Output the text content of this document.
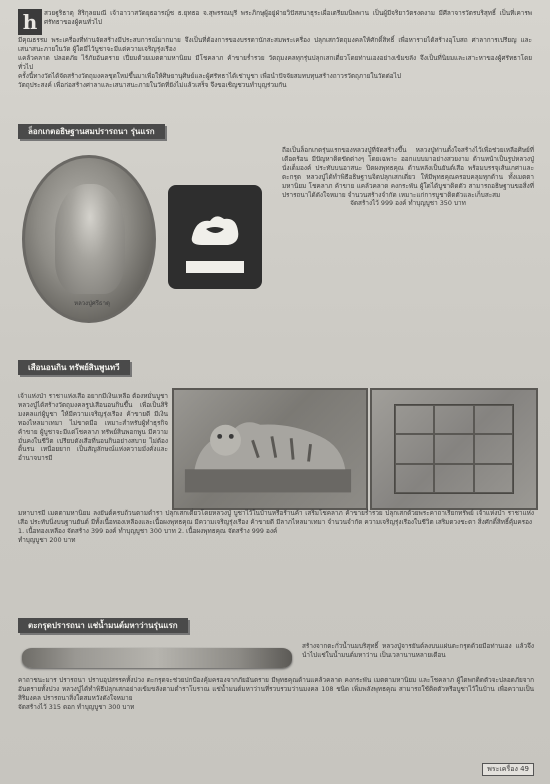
h	สวยฐูริธาตุ สิริกุลยมณี เจ้าอาวาสวัดยุธอารญ์ช ธ.ยุทธอ จ.สุพรรณบุรี พระภิกษุผู้อยู่ฝ่ายวิปัสสนาธุระเผื่อเตรียมนิพพาน เป็นผู้มีจริยาวัตรงดงาม มีศีลาจารวัตรบริสุทธิ์ เป็นที่เคารพศรัทธาของผู้คนทั่วไป

มีคุณธรรม พระเครื่องที่ท่านจัดสร้างมีประสบการณ์มากมาย จึงเป็นที่ต้องการของบรรดานักสะสมพระเครื่อง ปลุกเสกวัตถุมงคลให้ศักดิ์สิทธิ์ เพื่อหารายได้สร้างอุโบสถ ศาลาการเปรียญ และเสนาสนะภายในวัด ผู้ใดมีไว้บูชาจะมีแต่ความเจริญรุ่งเรือง

แคล้วคลาด ปลอดภัย ไร้ภัยอันตราย เปี่ยมด้วยเมตตามหานิยม มีโชคลาภ ค้าขายร่ำรวย วัตถุมงคลทุกรุ่นปลุกเสกเดี่ยวโดยท่านเองอย่างเข้มขลัง จึงเป็นที่นิยมและเสาะหาของผู้ศรัทธาโดยทั่วไป

ครั้งนี้ทางวัดได้จัดสร้างวัตถุมงคลชุดใหม่ขึ้นมาเพื่อให้ศิษยานุศิษย์และผู้ศรัทธาได้เช่าบูชา เพื่อนำปัจจัยสมทบทุนสร้างถาวรวัตถุภายในวัดต่อไป

วัตถุประสงค์ เพื่อก่อสร้างศาลาและเสนาสนะภายในวัดที่ยังไม่แล้วเสร็จ จึงขอเชิญชวนทำบุญร่วมกัน

ล็อกเกตอธิษฐานสมปรารถนา รุ่นแรก
หลวงปู่ศรีธาตุ

ถือเป็นล็อกเกตรุ่นแรกของหลวงปู่ที่จัดสร้างขึ้น หลวงปู่ท่านตั้งใจสร้างไว้เพื่อช่วยเหลือศิษย์ที่เดือดร้อน มีปัญหาติดขัดต่างๆ โดยเฉพาะ ออกแบบมาอย่างสวยงาม ด้านหน้าเป็นรูปหลวงปู่นั่งเต็มองค์ ประทับบนอาสนะ ปิดผงพุทธคุณ ด้านหลังเป็นยันต์เสือ พร้อมบรรจุเส้นเกศาและตะกรุด หลวงปู่ได้ทำพิธีอธิษฐานจิตปลุกเสกเดี่ยว ให้มีพุทธคุณครอบคลุมทุกด้าน ทั้งเมตตามหานิยม โชคลาภ ค้าขาย แคล้วคลาด คงกระพัน ผู้ใดได้บูชาติดตัว สามารถอธิษฐานขอสิ่งที่ปรารถนาได้ดังใจหมาย จำนวนสร้างจำกัด เหมาะแก่การบูชาติดตัวและเก็บสะสม

จัดสร้างไว้ 999 องค์ ทำบุญบูชา 350 บาท

เสือนอนกิน ทรัพย์สินพูนทวี

เจ้าแห่งป่า ราชาแห่งเสือ อยากมีเงินเหลือ ต้องหมั่นบูชา หลวงปู่ได้สร้างวัตถุมงคลรูปเสือนอนกินขึ้น เพื่อเป็นสิริมงคลแก่ผู้บูชา ให้มีความเจริญรุ่งเรือง ค้าขายดี มีเงินทองไหลมาเทมา ไม่ขาดมือ เหมาะสำหรับผู้ทำธุรกิจ ค้าขาย ผู้บูชาจะมีแต่โชคลาภ ทรัพย์สินพอกพูน มีความมั่นคงในชีวิต เปรียบดังเสือที่นอนกินอย่างสบาย ไม่ต้องดิ้นรน เหนื่อยยาก เป็นสัญลักษณ์แห่งความมั่งคั่งและอำนาจบารมี

มหาบารมี เมตตามหานิยม ลงยันต์ครบถ้วนตามตำรา ปลุกเสกเดี่ยวโดยหลวงปู่ บูชาไว้ในบ้านหรือร้านค้า เสริมโชคลาภ ค้าขายร่ำรวย ปลุกเสกด้วยพระคาถาเรียกทรัพย์ เจ้าแห่งป่า ราชาแห่งเสือ ประทับนิ่งบนฐานยันต์ มีทั้งเนื้อทองเหลืองและเนื้อผงพุทธคุณ มีความเจริญรุ่งเรือง ค้าขายดี มีลาภไหลมาเทมา จำนวนจำกัด ความเจริญรุ่งเรืองในชีวิต เสริมดวงชะตา สิ่งศักดิ์สิทธิ์คุ้มครอง

1. เนื้อทองเหลือง จัดสร้าง 399 องค์ ทำบุญบูชา 300 บาท 2. เนื้อผงพุทธคุณ จัดสร้าง 999 องค์

ทำบุญบูชา 200 บาท

ตะกรุดปรารถนา แช่น้ำมนต์มหาว่านรุ่นแรก

สร้างจากตะกั่วน้ำนมบริสุทธิ์ หลวงปู่จารยันต์ลงบนแผ่นตะกรุดด้วยมือท่านเอง แล้วจึงนำไปแช่ในน้ำมนต์มหาว่าน เป็นเวลานานหลายเดือน

คาถาชนะมาร ปรารถนา ปราบอุปสรรคทั้งปวง ตะกรุดจะช่วยปกป้องคุ้มครองจากภัยอันตราย มีพุทธคุณด้านแคล้วคลาด คงกระพัน เมตตามหานิยม และโชคลาภ ผู้ใดพกติดตัวจะปลอดภัยจากอันตรายทั้งปวง หลวงปู่ได้ทำพิธีปลุกเสกอย่างเข้มขลังตามตำราโบราณ แช่น้ำมนต์มหาว่านที่รวบรวมว่านมงคล 108 ชนิด เพิ่มพลังพุทธคุณ สามารถใช้ติดตัวหรือบูชาไว้ในบ้าน เพื่อความเป็นสิริมงคล ปรารถนาสิ่งใดสมหวังดังใจหมาย

จัดสร้างไว้ 315 ดอก ทำบุญบูชา 300 บาท

พระเครื่อง 49
